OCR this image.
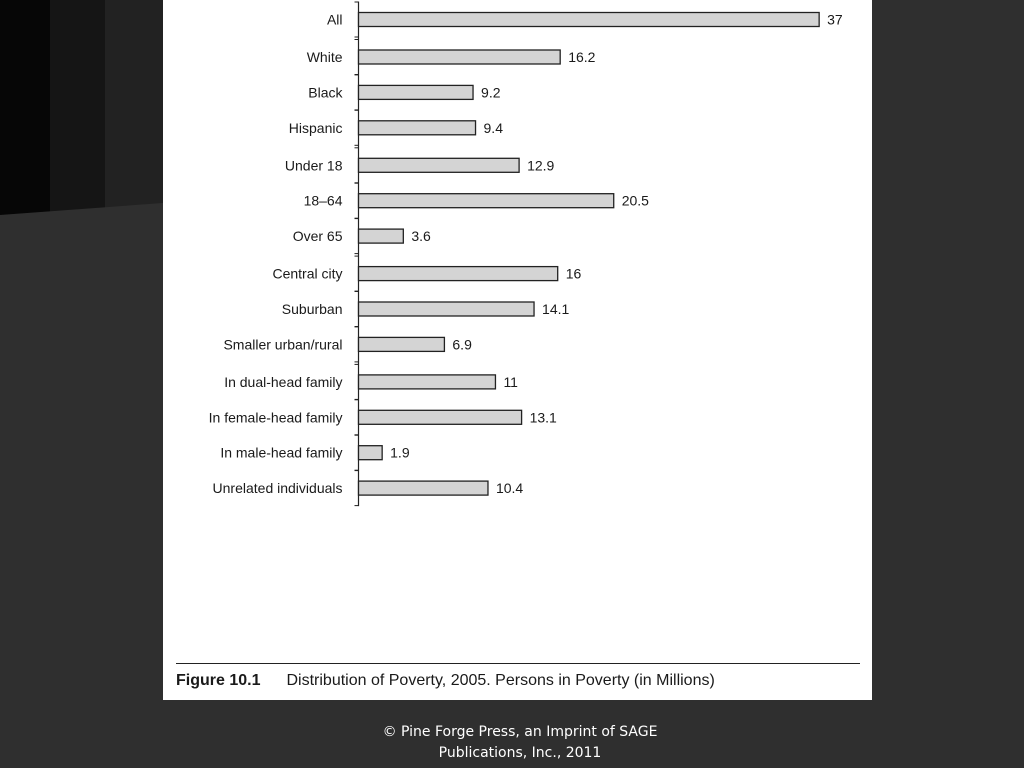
All	37
White	16.2
Black	9.2
Hispanic	9.4
Under 18	12.9
18–64	20.5
Over 65	3.6
Central city	16
Suburban	14.1
Smaller urban/rural	6.9
In dual-head family	11
In female-head family	13.1
In male-head family	1.9
Unrelated individuals	10.4
Figure 10.1 Distribution of Poverty, 2005. Persons in Poverty (in Millions)
© Pine Forge Press, an Imprint of SAGE
Publications, Inc., 2011
